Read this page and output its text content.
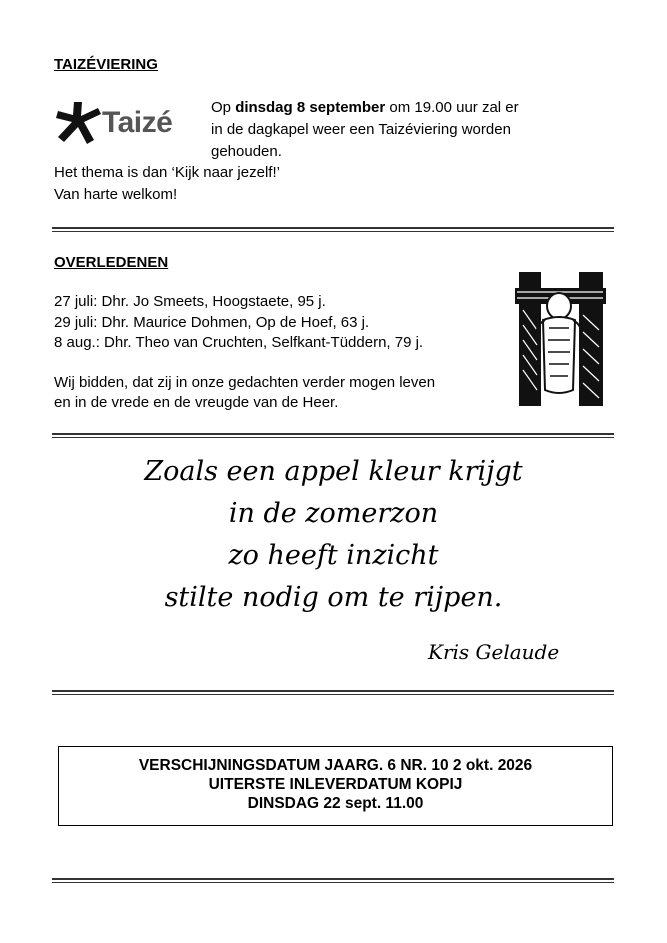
TAIZÉVIERING
Taizé	Op dinsdag 8 september om 19.00 uur zal er
in de dagkapel weer een Taizéviering worden
gehouden.
Het thema is dan ‘Kijk naar jezelf!’
Van harte welkom!
OVERLEDENEN
27 juli: Dhr. Jo Smeets, Hoogstaete, 95 j.
29 juli: Dhr. Maurice Dohmen, Op de Hoef, 63 j.
8 aug.: Dhr. Theo van Cruchten, Selfkant-Tüddern, 79 j.
Wij bidden, dat zij in onze gedachten verder mogen leven
en in de vrede en de vreugde van de Heer.
Zoals een appel kleur krijgt
in de zomerzon
zo heeft inzicht
stilte nodig om te rijpen.
Kris Gelaude
VERSCHIJNINGSDATUM JAARG. 6 NR. 10 2 okt. 2026
UITERSTE INLEVERDATUM KOPIJ
DINSDAG 22 sept. 11.00
